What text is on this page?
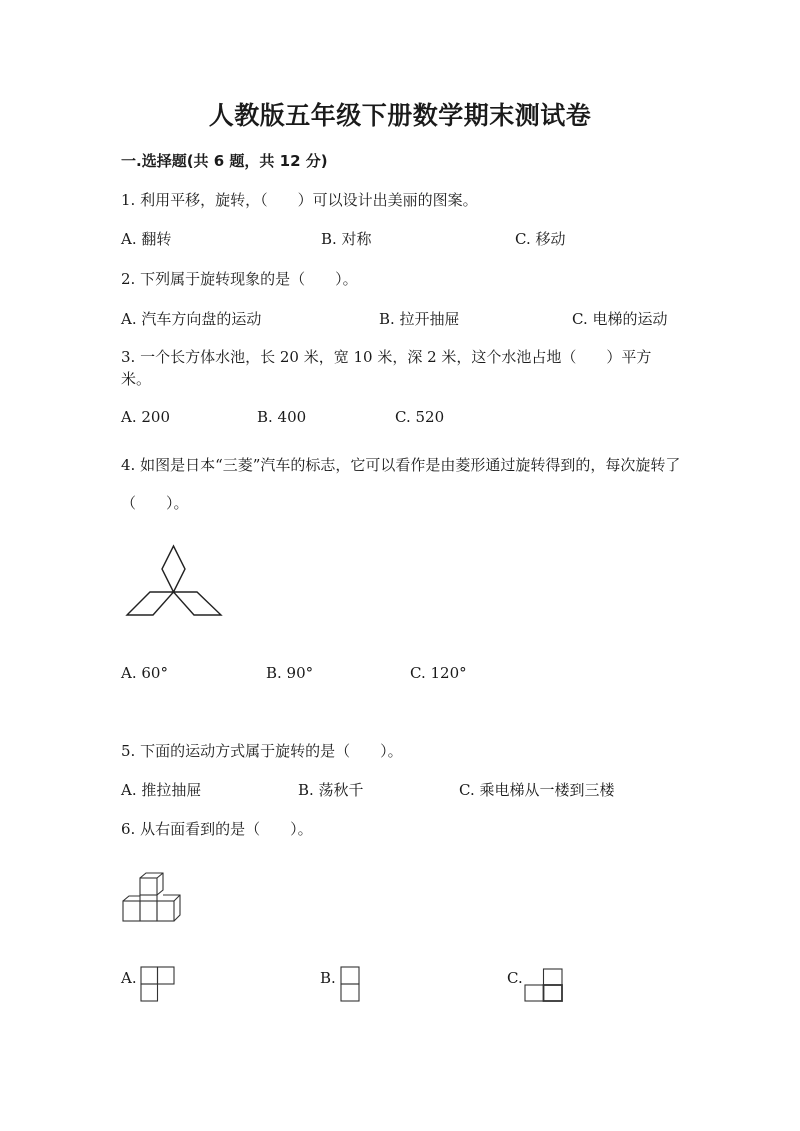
人教版五年级下册数学期末测试卷
一.选择题(共 6 题，共 12 分)
1. 利用平移，旋转，（　　）可以设计出美丽的图案。
A. 翻转	B. 对称	C. 移动
2. 下列属于旋转现象的是（　　）。
A. 汽车方向盘的运动	B. 拉开抽屉	C. 电梯的运动
3. 一个长方体水池，长 20 米，宽 10 米，深 2 米，这个水池占地（　　）平方米。
A. 200	B. 400	C. 520
4. 如图是日本“三菱”汽车的标志，它可以看作是由菱形通过旋转得到的，每次旋转了（　　）。
A. 60°	B. 90°	C. 120°
5. 下面的运动方式属于旋转的是（　　）。
A. 推拉抽屉	B. 荡秋千	C. 乘电梯从一楼到三楼
6. 从右面看到的是（　　）。
A.	B.	C.
